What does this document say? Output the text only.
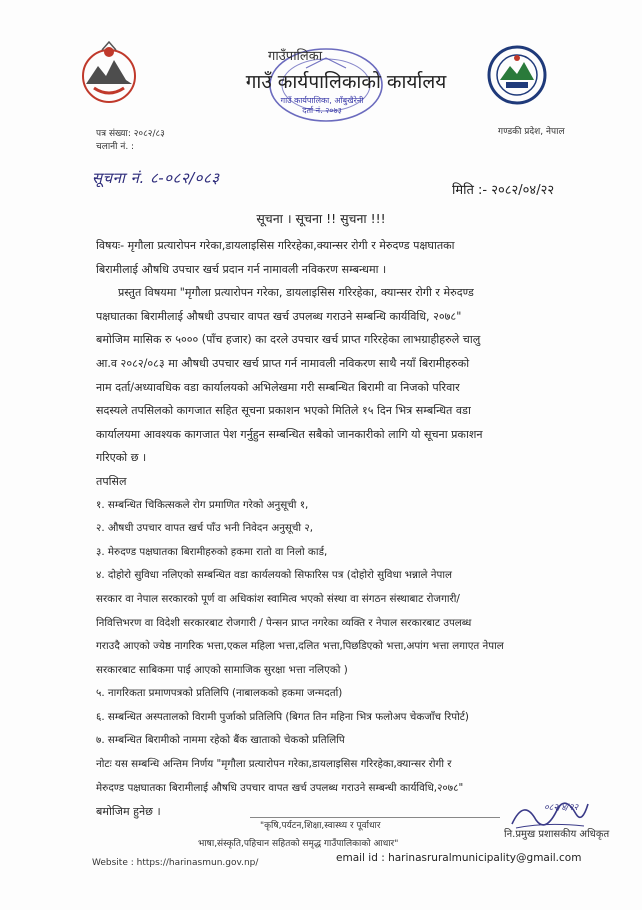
गाउँपालिका
गाउँ कार्यपालिकाको कार्यालय
गाउँ कार्यपालिका, आँबुखैरेनी
दर्ता नं. २०७३
पत्र संख्या: २०८२/८३
चलानी नं. :
गण्डकी प्रदेश, नेपाल
सूचना नं. ८-०८२/०८३
मिति :- २०८२/०४/२२
सूचना । सूचना !! सुचना !!!
विषयः- मृगौला प्रत्यारोपन गरेका,डायलाइसिस गरिरहेका,क्यान्सर रोगी र मेरुदण्ड पक्षघातका
बिरामीलाई औषधि उपचार खर्च प्रदान गर्न नामावली नविकरण सम्बन्धमा ।
प्रस्तुत विषयमा "मृगौला प्रत्यारोपन गरेका, डायलाइसिस गरिरहेका, क्यान्सर रोगी र मेरुदण्ड
पक्षघातका बिरामीलाई औषधी उपचार वापत खर्च उपलब्ध गराउने सम्बन्धि कार्यविधि, २०७८"
बमोजिम मासिक रु ५००० (पाँच हजार) का दरले उपचार खर्च प्राप्त गरिरहेका लाभग्राहीहरुले चालु
आ.व २०८२/०८३ मा औषधी उपचार खर्च प्राप्त गर्न नामावली नविकरण साथै नयाँ बिरामीहरुको
नाम दर्ता/अध्यावधिक वडा कार्यालयको अभिलेखमा गरी सम्बन्धित बिरामी वा निजको परिवार
सदस्यले तपसिलको कागजात सहित सूचना प्रकाशन भएको मितिले १५ दिन भित्र सम्बन्धित वडा
कार्यालयमा आवश्यक कागजात पेश गर्नुहुन सम्बन्धित सबैको जानकारीको लागि यो सूचना प्रकाशन
गरिएको छ ।
तपसिल
१. सम्बन्धित चिकित्सकले रोग प्रमाणित गरेको अनुसूची १,
२. औषधी उपचार वापत खर्च पाँउ भनी निवेदन अनुसूची २,
३. मेरुदण्ड पक्षघातका बिरामीहरुको हकमा रातो वा निलो कार्ड,
४. दोहोरो सुविधा नलिएको सम्बन्धित वडा कार्यलयको सिफारिस पत्र (दोहोरो सुविधा भन्नाले नेपाल
सरकार वा नेपाल सरकारको पूर्ण वा अधिकांश स्वामित्व भएको संस्था वा संगठन संस्थाबाट रोजगारी/
निवित्तिभरण वा विदेशी सरकारबाट रोजगारी / पेन्सन प्राप्त नगरेका व्यक्ति र नेपाल सरकारबाट उपलब्ध
गराउदै आएको ज्येष्ठ नागरिक भत्ता,एकल महिला भत्ता,दलित भत्ता,पिछडिएको भत्ता,अपांग भत्ता लगाएत नेपाल
सरकारबाट साबिकमा पाई आएको सामाजिक सुरक्षा भत्ता नलिएको )
५. नागरिकता प्रमाणपत्रको प्रतिलिपि (नाबालकको हकमा जन्मदर्ता)
६. सम्बन्धित अस्पतालको विरामी पुर्जाको प्रतिलिपि (बिगत तिन महिना भित्र फलोअप चेकजाँच रिपोर्ट)
७. सम्बन्धित बिरामीको नाममा रहेको बैंक खाताको चेकको प्रतिलिपि
नोटः यस सम्बन्धि अन्तिम निर्णय "मृगौला प्रत्यारोपन गरेका,डायलाइसिस गरिरहेका,क्यान्सर रोगी र
मेरुदण्ड पक्षघातका बिरामीलाई औषधि उपचार वापत खर्च उपलब्ध गराउने सम्बन्धी कार्यविधि,२०७८"
बमोजिम हुनेछ ।	०८२/४/२२
नि.प्रमुख प्रशासकीय अधिकृत
"कृषि,पर्यटन,शिक्षा,स्वास्थ्य र पूर्वाधार
भाषा,संस्कृति,पहिचान सहितको समृद्ध गाउँपालिकाको आधार"
Website : https://harinasmun.gov.np/	email id : harinasruralmunicipality@gmail.com
